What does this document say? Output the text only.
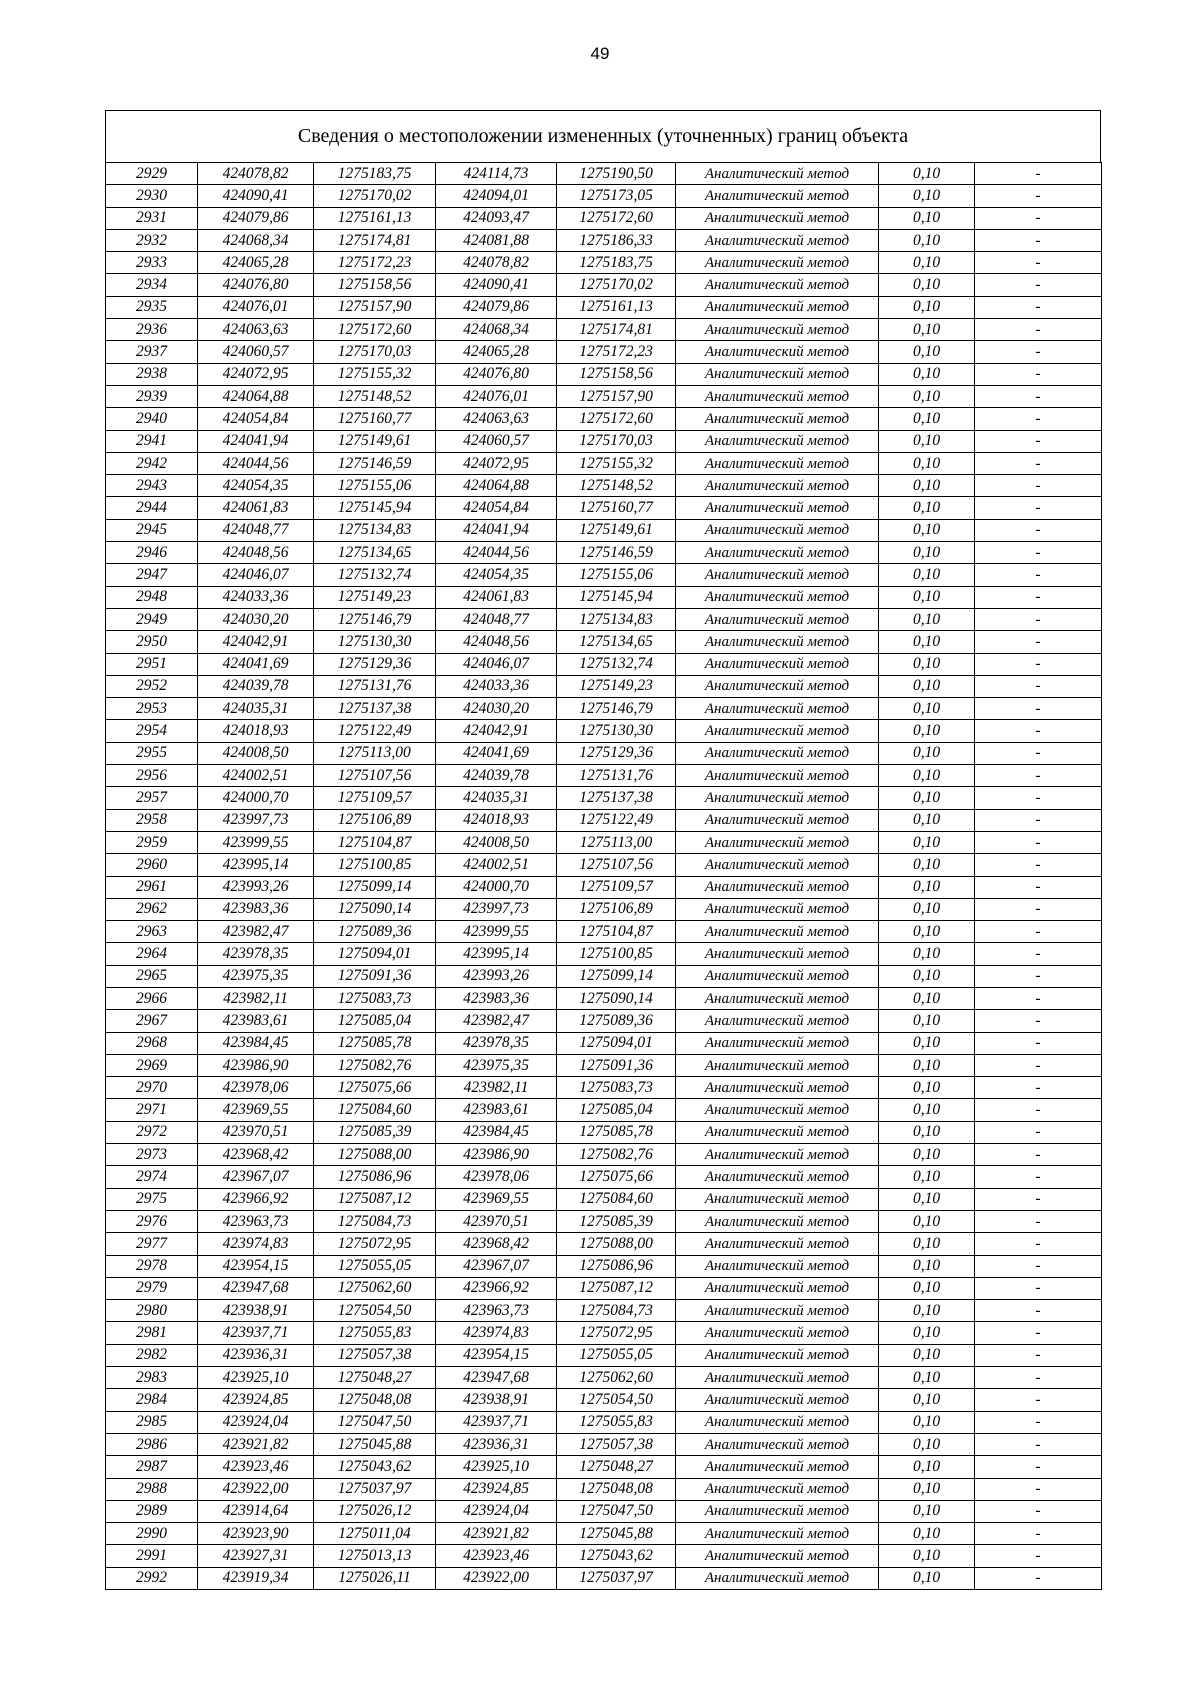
49
Сведения о местоположении измененных (уточненных) границ объекта
2929	424078,82	1275183,75	424114,73	1275190,50	Аналитический метод	0,10	-
2930	424090,41	1275170,02	424094,01	1275173,05	Аналитический метод	0,10	-
2931	424079,86	1275161,13	424093,47	1275172,60	Аналитический метод	0,10	-
2932	424068,34	1275174,81	424081,88	1275186,33	Аналитический метод	0,10	-
2933	424065,28	1275172,23	424078,82	1275183,75	Аналитический метод	0,10	-
2934	424076,80	1275158,56	424090,41	1275170,02	Аналитический метод	0,10	-
2935	424076,01	1275157,90	424079,86	1275161,13	Аналитический метод	0,10	-
2936	424063,63	1275172,60	424068,34	1275174,81	Аналитический метод	0,10	-
2937	424060,57	1275170,03	424065,28	1275172,23	Аналитический метод	0,10	-
2938	424072,95	1275155,32	424076,80	1275158,56	Аналитический метод	0,10	-
2939	424064,88	1275148,52	424076,01	1275157,90	Аналитический метод	0,10	-
2940	424054,84	1275160,77	424063,63	1275172,60	Аналитический метод	0,10	-
2941	424041,94	1275149,61	424060,57	1275170,03	Аналитический метод	0,10	-
2942	424044,56	1275146,59	424072,95	1275155,32	Аналитический метод	0,10	-
2943	424054,35	1275155,06	424064,88	1275148,52	Аналитический метод	0,10	-
2944	424061,83	1275145,94	424054,84	1275160,77	Аналитический метод	0,10	-
2945	424048,77	1275134,83	424041,94	1275149,61	Аналитический метод	0,10	-
2946	424048,56	1275134,65	424044,56	1275146,59	Аналитический метод	0,10	-
2947	424046,07	1275132,74	424054,35	1275155,06	Аналитический метод	0,10	-
2948	424033,36	1275149,23	424061,83	1275145,94	Аналитический метод	0,10	-
2949	424030,20	1275146,79	424048,77	1275134,83	Аналитический метод	0,10	-
2950	424042,91	1275130,30	424048,56	1275134,65	Аналитический метод	0,10	-
2951	424041,69	1275129,36	424046,07	1275132,74	Аналитический метод	0,10	-
2952	424039,78	1275131,76	424033,36	1275149,23	Аналитический метод	0,10	-
2953	424035,31	1275137,38	424030,20	1275146,79	Аналитический метод	0,10	-
2954	424018,93	1275122,49	424042,91	1275130,30	Аналитический метод	0,10	-
2955	424008,50	1275113,00	424041,69	1275129,36	Аналитический метод	0,10	-
2956	424002,51	1275107,56	424039,78	1275131,76	Аналитический метод	0,10	-
2957	424000,70	1275109,57	424035,31	1275137,38	Аналитический метод	0,10	-
2958	423997,73	1275106,89	424018,93	1275122,49	Аналитический метод	0,10	-
2959	423999,55	1275104,87	424008,50	1275113,00	Аналитический метод	0,10	-
2960	423995,14	1275100,85	424002,51	1275107,56	Аналитический метод	0,10	-
2961	423993,26	1275099,14	424000,70	1275109,57	Аналитический метод	0,10	-
2962	423983,36	1275090,14	423997,73	1275106,89	Аналитический метод	0,10	-
2963	423982,47	1275089,36	423999,55	1275104,87	Аналитический метод	0,10	-
2964	423978,35	1275094,01	423995,14	1275100,85	Аналитический метод	0,10	-
2965	423975,35	1275091,36	423993,26	1275099,14	Аналитический метод	0,10	-
2966	423982,11	1275083,73	423983,36	1275090,14	Аналитический метод	0,10	-
2967	423983,61	1275085,04	423982,47	1275089,36	Аналитический метод	0,10	-
2968	423984,45	1275085,78	423978,35	1275094,01	Аналитический метод	0,10	-
2969	423986,90	1275082,76	423975,35	1275091,36	Аналитический метод	0,10	-
2970	423978,06	1275075,66	423982,11	1275083,73	Аналитический метод	0,10	-
2971	423969,55	1275084,60	423983,61	1275085,04	Аналитический метод	0,10	-
2972	423970,51	1275085,39	423984,45	1275085,78	Аналитический метод	0,10	-
2973	423968,42	1275088,00	423986,90	1275082,76	Аналитический метод	0,10	-
2974	423967,07	1275086,96	423978,06	1275075,66	Аналитический метод	0,10	-
2975	423966,92	1275087,12	423969,55	1275084,60	Аналитический метод	0,10	-
2976	423963,73	1275084,73	423970,51	1275085,39	Аналитический метод	0,10	-
2977	423974,83	1275072,95	423968,42	1275088,00	Аналитический метод	0,10	-
2978	423954,15	1275055,05	423967,07	1275086,96	Аналитический метод	0,10	-
2979	423947,68	1275062,60	423966,92	1275087,12	Аналитический метод	0,10	-
2980	423938,91	1275054,50	423963,73	1275084,73	Аналитический метод	0,10	-
2981	423937,71	1275055,83	423974,83	1275072,95	Аналитический метод	0,10	-
2982	423936,31	1275057,38	423954,15	1275055,05	Аналитический метод	0,10	-
2983	423925,10	1275048,27	423947,68	1275062,60	Аналитический метод	0,10	-
2984	423924,85	1275048,08	423938,91	1275054,50	Аналитический метод	0,10	-
2985	423924,04	1275047,50	423937,71	1275055,83	Аналитический метод	0,10	-
2986	423921,82	1275045,88	423936,31	1275057,38	Аналитический метод	0,10	-
2987	423923,46	1275043,62	423925,10	1275048,27	Аналитический метод	0,10	-
2988	423922,00	1275037,97	423924,85	1275048,08	Аналитический метод	0,10	-
2989	423914,64	1275026,12	423924,04	1275047,50	Аналитический метод	0,10	-
2990	423923,90	1275011,04	423921,82	1275045,88	Аналитический метод	0,10	-
2991	423927,31	1275013,13	423923,46	1275043,62	Аналитический метод	0,10	-
2992	423919,34	1275026,11	423922,00	1275037,97	Аналитический метод	0,10	-
